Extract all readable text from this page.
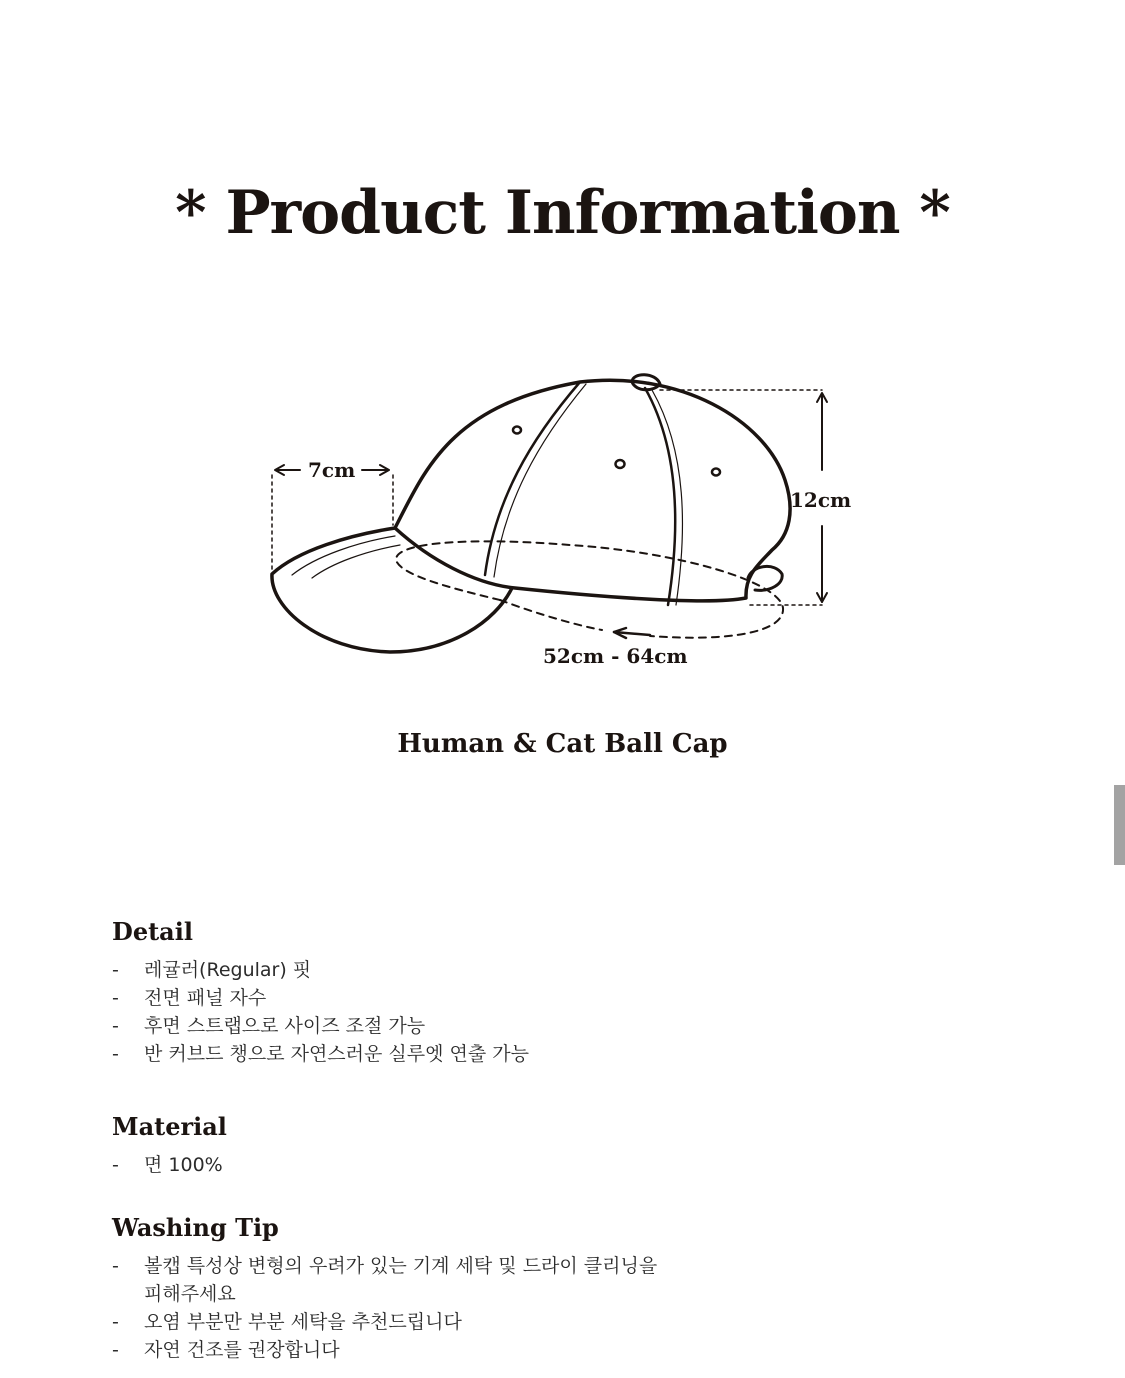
* Product Information *
7cm
12cm
52cm - 64cm
Human & Cat Ball Cap
Detail
- 레귤러(Regular) 핏
- 전면 패널 자수
- 후면 스트랩으로 사이즈 조절 가능
- 반 커브드 챙으로 자연스러운 실루엣 연출 가능
Material
- 면 100%
Washing Tip
- 볼캡 특성상 변형의 우려가 있는 기계 세탁 및 드라이 클리닝을 피해주세요
- 오염 부분만 부분 세탁을 추천드립니다
- 자연 건조를 권장합니다
